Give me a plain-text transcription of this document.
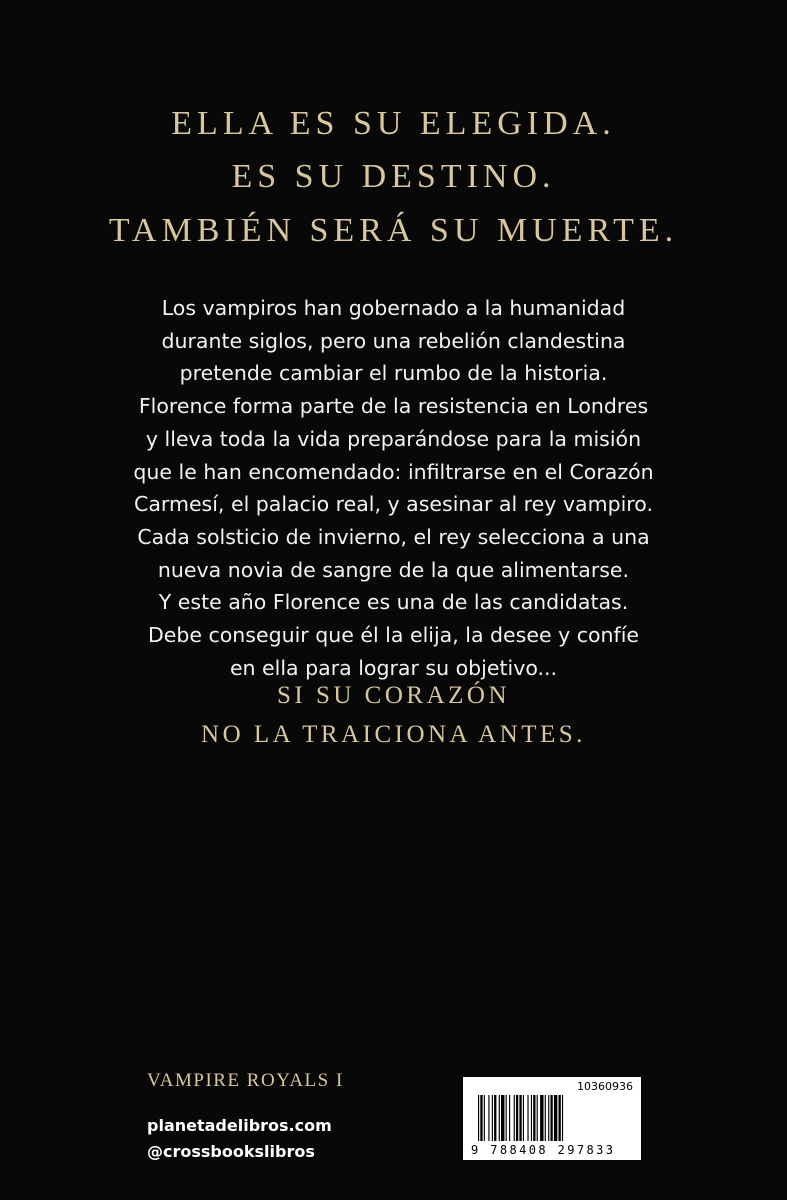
ELLA ES SU ELEGIDA.
ES SU DESTINO.
TAMBIÉN SERÁ SU MUERTE.
Los vampiros han gobernado a la humanidad
durante siglos, pero una rebelión clandestina
pretende cambiar el rumbo de la historia.
Florence forma parte de la resistencia en Londres
y lleva toda la vida preparándose para la misión
que le han encomendado: infiltrarse en el Corazón
Carmesí, el palacio real, y asesinar al rey vampiro.
Cada solsticio de invierno, el rey selecciona a una
nueva novia de sangre de la que alimentarse.
Y este año Florence es una de las candidatas.
Debe conseguir que él la elija, la desee y confíe
en ella para lograr su objetivo...
SI SU CORAZÓN
NO LA TRAICIONA ANTES.
VAMPIRE ROYALS I
planetadelibros.com
@crossbookslibros
10360936
9 788408 297833
